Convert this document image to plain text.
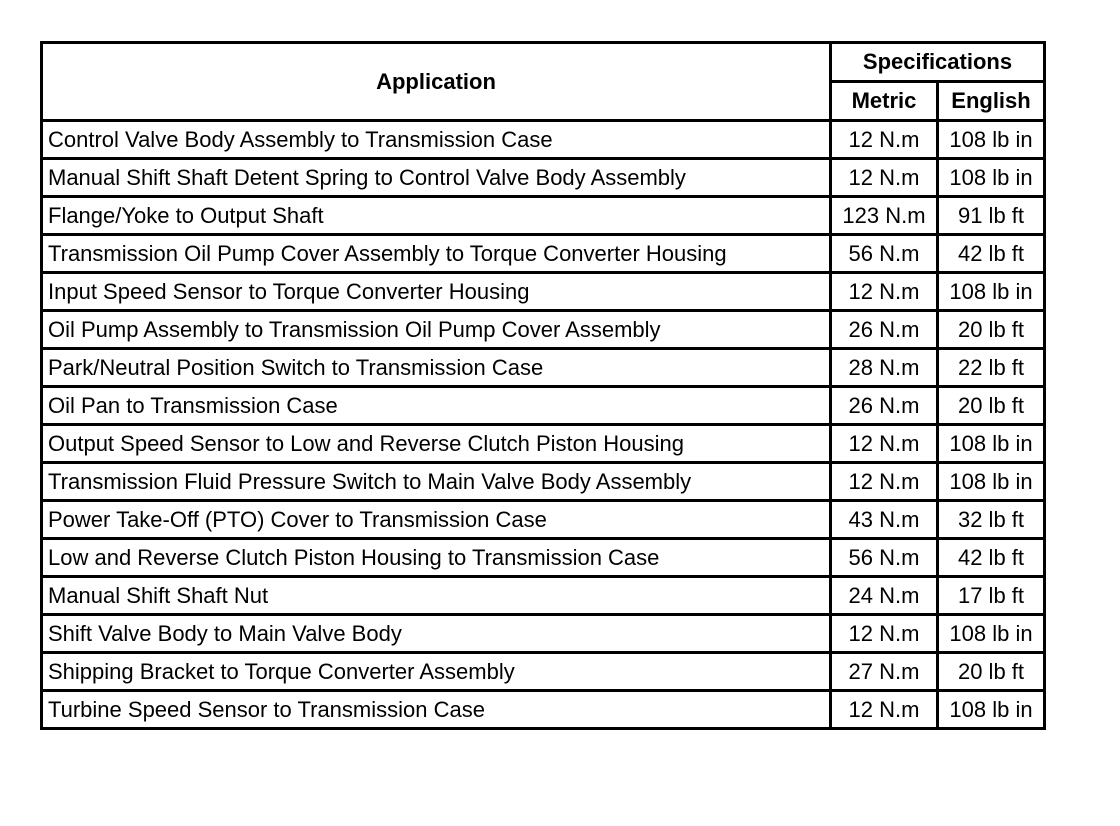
Application	Specifications	
	Metric	English
Control Valve Body Assembly to Transmission Case	12 N.m	108 lb in
Manual Shift Shaft Detent Spring to Control Valve Body Assembly	12 N.m	108 lb in
Flange/Yoke to Output Shaft	123 N.m	91 lb ft
Transmission Oil Pump Cover Assembly to Torque Converter Housing	56 N.m	42 lb ft
Input Speed Sensor to Torque Converter Housing	12 N.m	108 lb in
Oil Pump Assembly to Transmission Oil Pump Cover Assembly	26 N.m	20 lb ft
Park/Neutral Position Switch to Transmission Case	28 N.m	22 lb ft
Oil Pan to Transmission Case	26 N.m	20 lb ft
Output Speed Sensor to Low and Reverse Clutch Piston Housing	12 N.m	108 lb in
Transmission Fluid Pressure Switch to Main Valve Body Assembly	12 N.m	108 lb in
Power Take-Off (PTO) Cover to Transmission Case	43 N.m	32 lb ft
Low and Reverse Clutch Piston Housing to Transmission Case	56 N.m	42 lb ft
Manual Shift Shaft Nut	24 N.m	17 lb ft
Shift Valve Body to Main Valve Body	12 N.m	108 lb in
Shipping Bracket to Torque Converter Assembly	27 N.m	20 lb ft
Turbine Speed Sensor to Transmission Case	12 N.m	108 lb in
